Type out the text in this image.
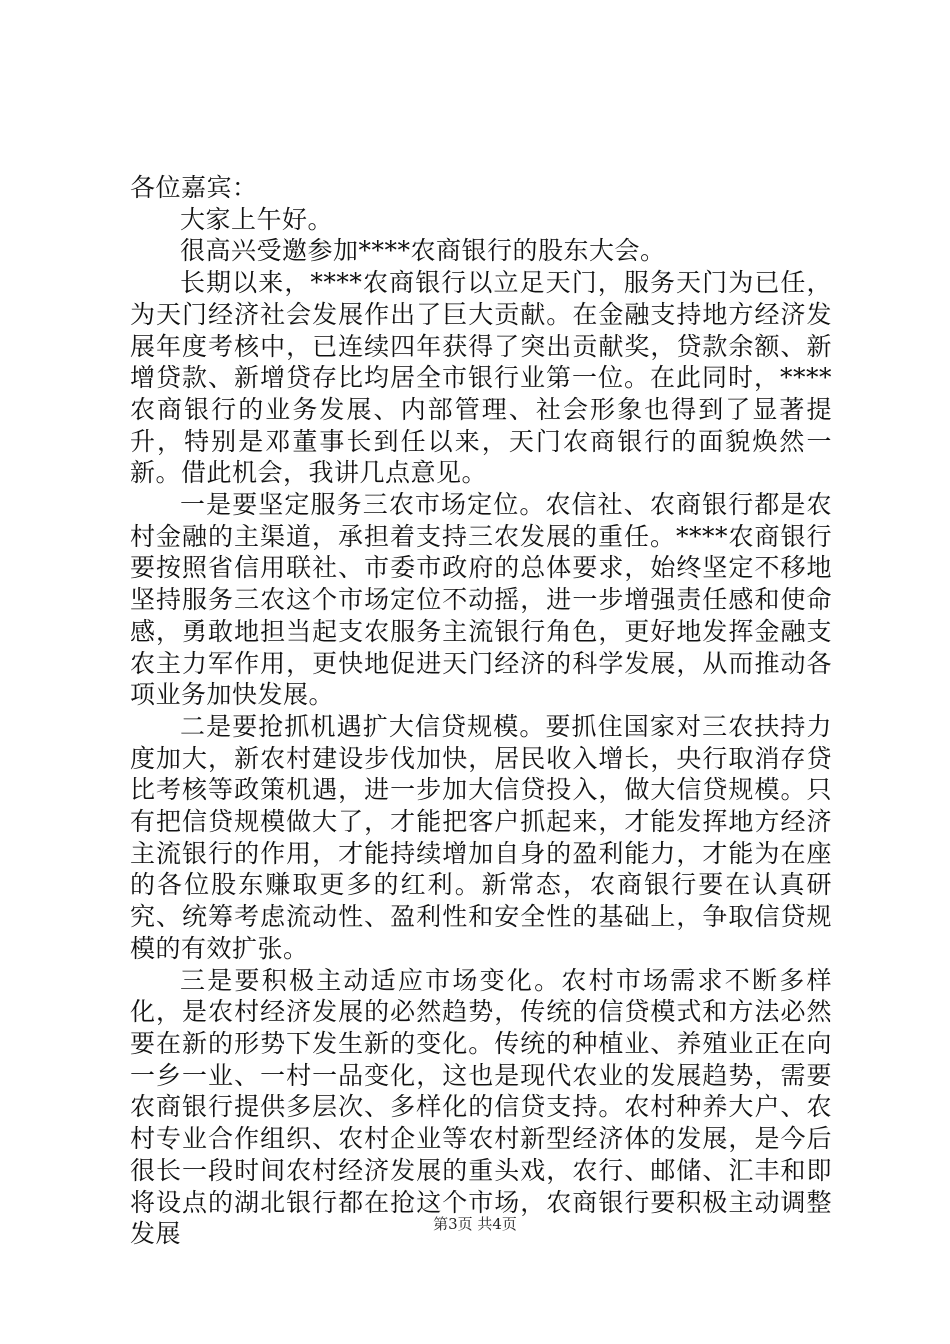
各位嘉宾：

大家上午好。

很高兴受邀参加****农商银行的股东大会。

长期以来，****农商银行以立足天门，服务天门为已任，为天门经济社会发展作出了巨大贡献。在金融支持地方经济发展年度考核中，已连续四年获得了突出贡献奖，贷款余额、新增贷款、新增贷存比均居全市银行业第一位。在此同时，****农商银行的业务发展、内部管理、社会形象也得到了显著提升，特别是邓董事长到任以来，天门农商银行的面貌焕然一新。借此机会，我讲几点意见。

一是要坚定服务三农市场定位。农信社、农商银行都是农村金融的主渠道，承担着支持三农发展的重任。****农商银行要按照省信用联社、市委市政府的总体要求，始终坚定不移地坚持服务三农这个市场定位不动摇，进一步增强责任感和使命感，勇敢地担当起支农服务主流银行角色，更好地发挥金融支农主力军作用，更快地促进天门经济的科学发展，从而推动各项业务加快发展。

二是要抢抓机遇扩大信贷规模。要抓住国家对三农扶持力度加大，新农村建设步伐加快，居民收入增长，央行取消存贷比考核等政策机遇，进一步加大信贷投入，做大信贷规模。只有把信贷规模做大了，才能把客户抓起来，才能发挥地方经济主流银行的作用，才能持续增加自身的盈利能力，才能为在座的各位股东赚取更多的红利。新常态，农商银行要在认真研究、统筹考虑流动性、盈利性和安全性的基础上，争取信贷规模的有效扩张。

三是要积极主动适应市场变化。农村市场需求不断多样化，是农村经济发展的必然趋势，传统的信贷模式和方法必然要在新的形势下发生新的变化。传统的种植业、养殖业正在向一乡一业、一村一品变化，这也是现代农业的发展趋势，需要农商银行提供多层次、多样化的信贷支持。农村种养大户、农村专业合作组织、农村企业等农村新型经济体的发展，是今后很长一段时间农村经济发展的重头戏，农行、邮储、汇丰和即将设点的湖北银行都在抢这个市场，农商银行要积极主动调整发展	第3页 共4页
